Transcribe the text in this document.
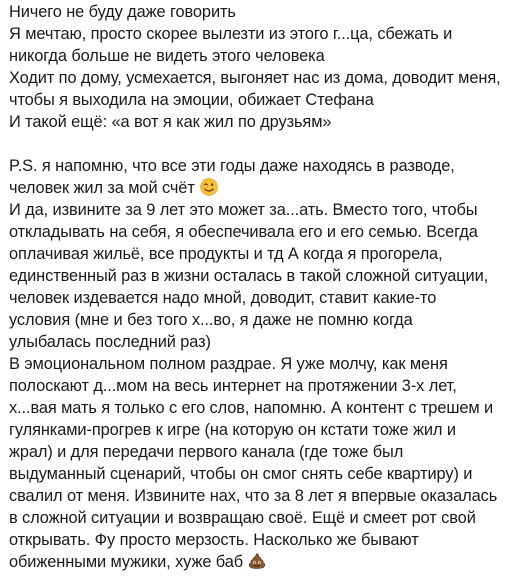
Ничего не буду даже говорить
Я мечтаю, просто скорее вылезти из этого г...ца, сбежать и
никогда больше не видеть этого человека
Ходит по дому, усмехается, выгоняет нас из дома, доводит меня,
чтобы я выходила на эмоции, обижает Стефана
И такой ещё: «а вот я как жил по друзьям»
P.S. я напомню, что все эти годы даже находясь в разводе,
человек жил за мой счёт
И да, извините за 9 лет это может за...ать. Вместо того, чтобы
откладывать на себя, я обеспечивала его и его семью. Всегда
оплачивая жильё, все продукты и тд А когда я прогорела,
единственный раз в жизни осталась в такой сложной ситуации,
человек издевается надо мной, доводит, ставит какие-то
условия (мне и без того х...во, я даже не помню когда
улыбалась последний раз)
В эмоциональном полном раздрае. Я уже молчу, как меня
полоскают д...мом на весь интернет на протяжении 3-х лет,
х...вая мать я только с его слов, напомню. А контент с трешем и
гулянками-прогрев к игре (на которую он кстати тоже жил и
жрал) и для передачи первого канала (где тоже был
выдуманный сценарий, чтобы он смог снять себе квартиру) и
свалил от меня. Извините нах, что за 8 лет я впервые оказалась
в сложной ситуации и возвращаю своё. Ещё и смеет рот свой
открывать. Фу просто мерзость. Насколько же бывают
обиженными мужики, хуже баб
